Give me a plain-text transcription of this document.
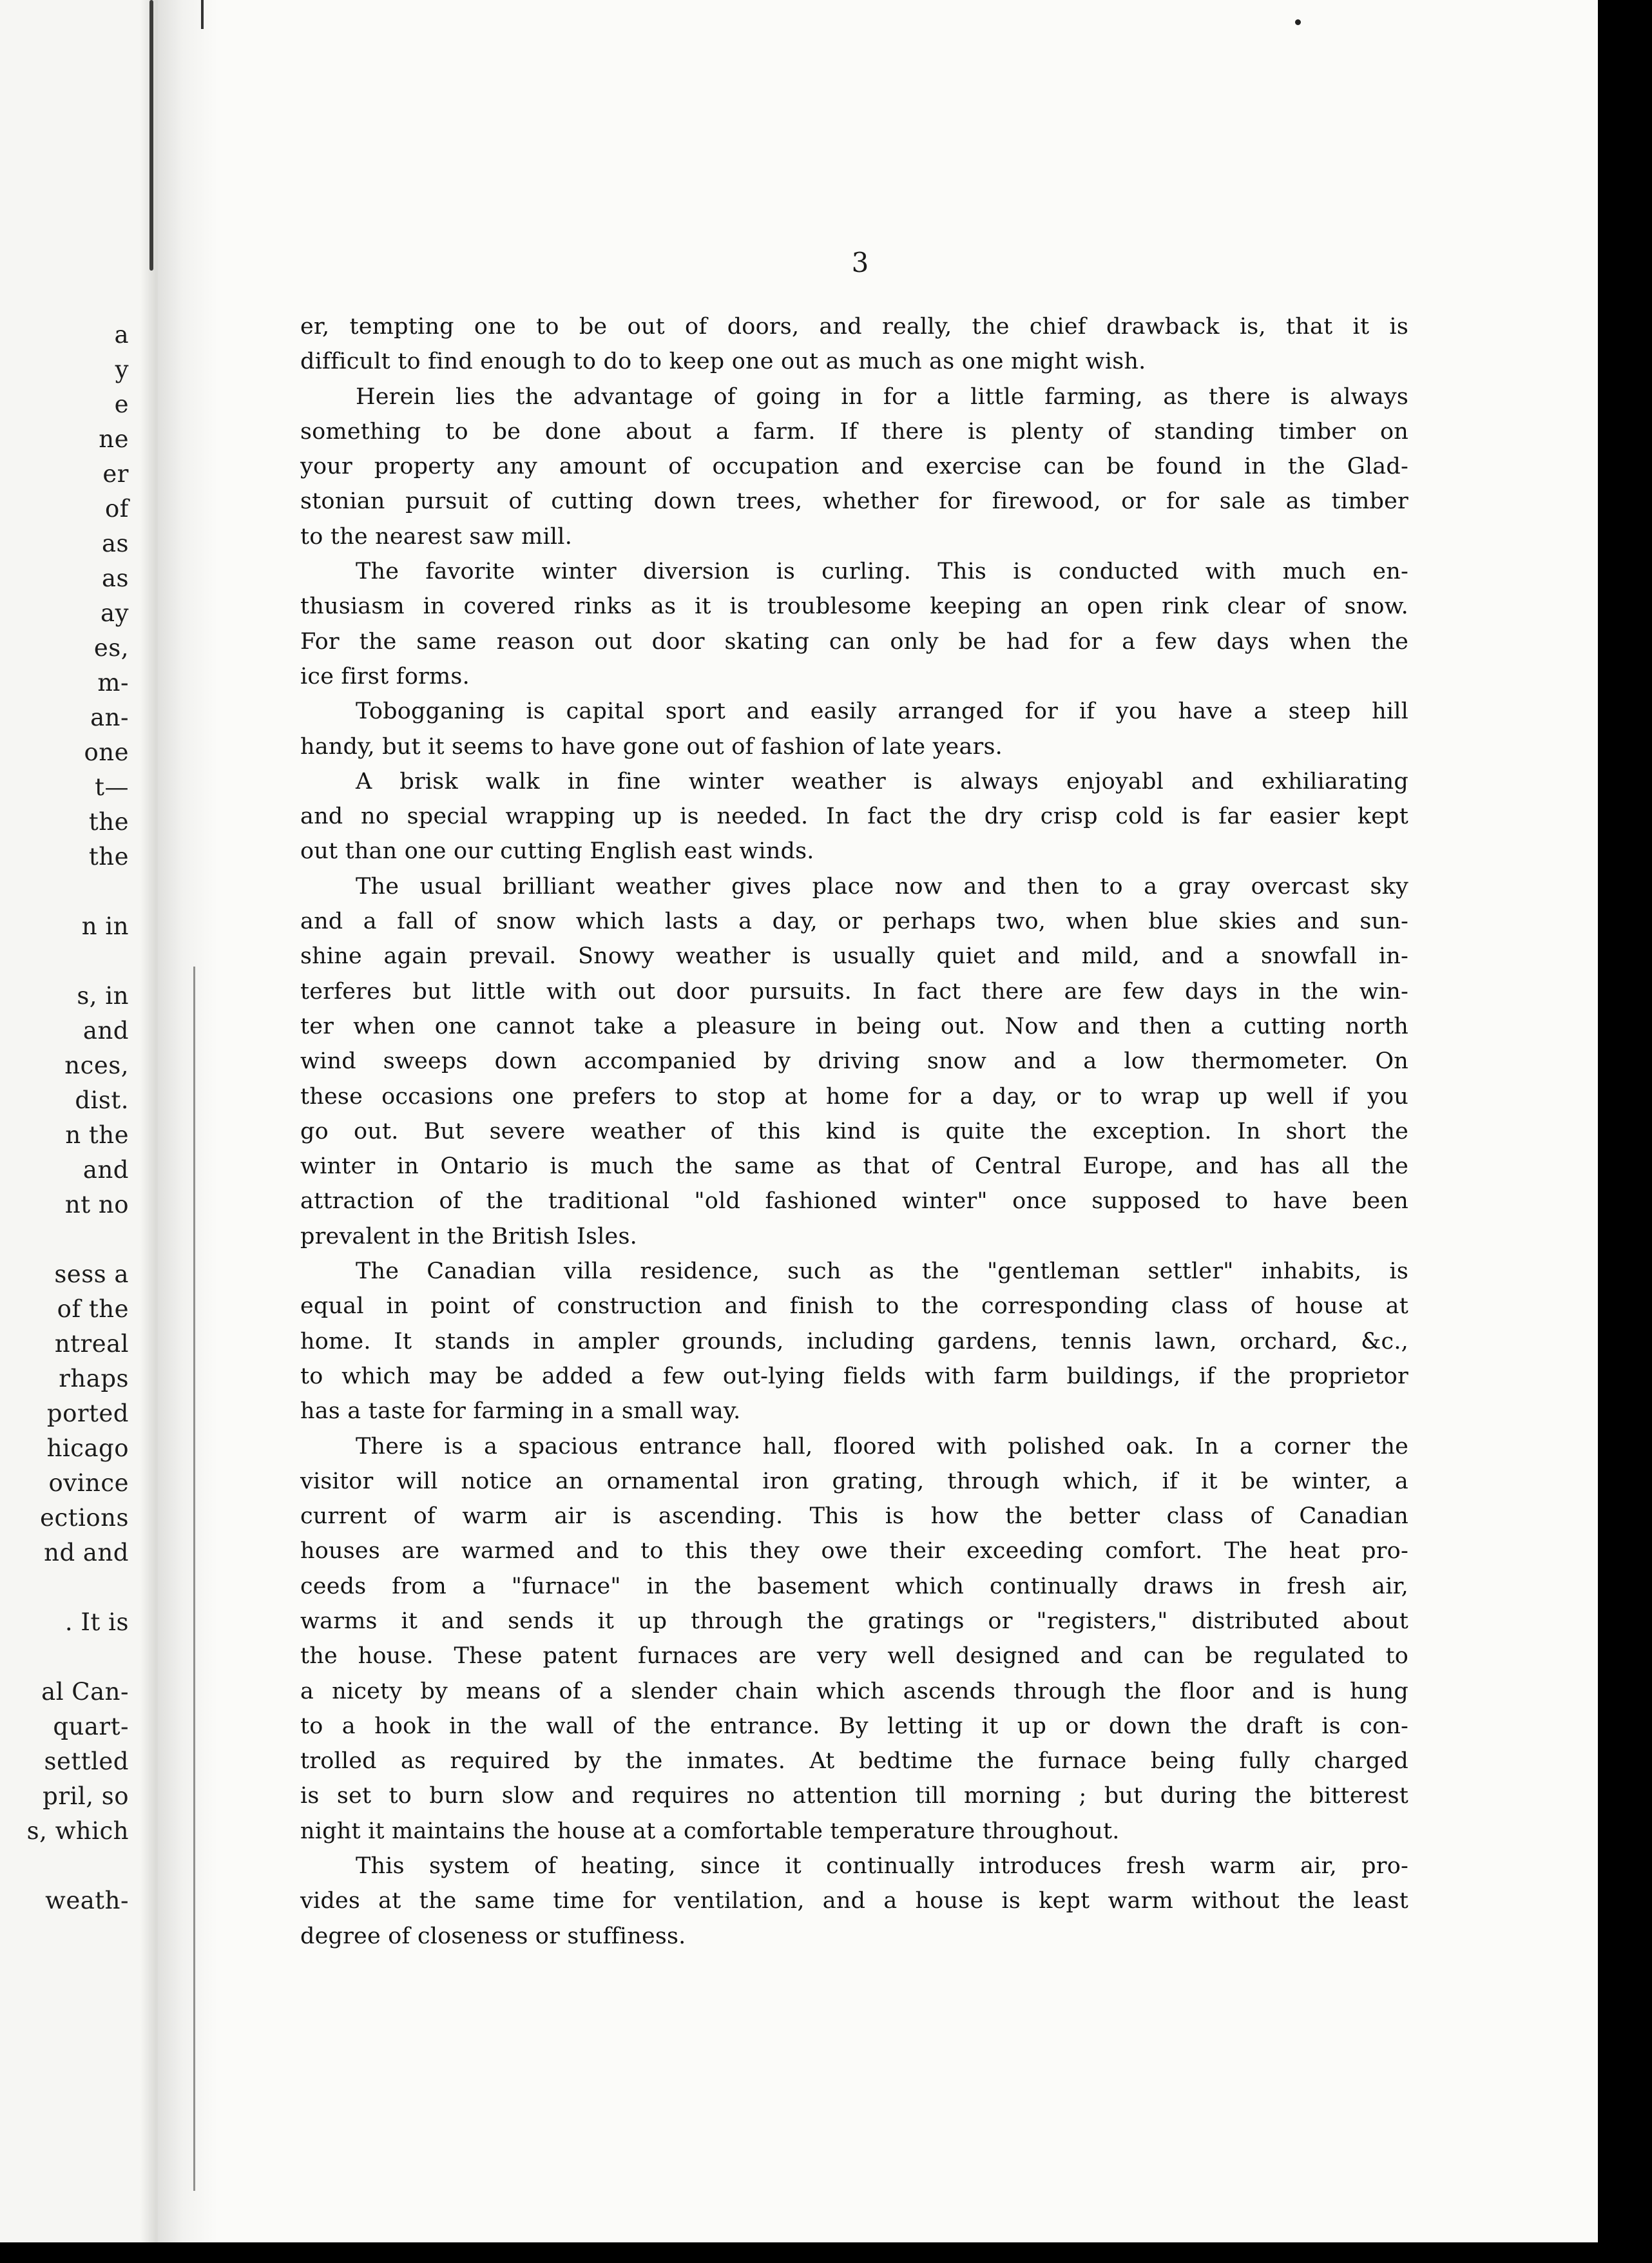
a
y
e
ne
er
of
as
as
ay
es,
m-
an-
one
t—
the
the
n in
s, in
and
nces,
dist.
n the
and
nt no
sess a
of the
ntreal
rhaps
ported
hicago
ovince
ections
nd and
. It is
al Can-
quart-
settled
pril, so
s, which
weath-
3
er, tempting one to be out of doors, and really, the chief drawback is, that it is
difficult to find enough to do to keep one out as much as one might wish.
Herein lies the advantage of going in for a little farming, as there is always
something to be done about a farm. If there is plenty of standing timber on
your property any amount of occupation and exercise can be found in the Glad-
stonian pursuit of cutting down trees, whether for firewood, or for sale as timber
to the nearest saw mill.
The favorite winter diversion is curling. This is conducted with much en-
thusiasm in covered rinks as it is troublesome keeping an open rink clear of snow.
For the same reason out door skating can only be had for a few days when the
ice first forms.
Tobogganing is capital sport and easily arranged for if you have a steep hill
handy, but it seems to have gone out of fashion of late years.
A brisk walk in fine winter weather is always enjoyabl and exhiliarating
and no special wrapping up is needed. In fact the dry crisp cold is far easier kept
out than one our cutting English east winds.
The usual brilliant weather gives place now and then to a gray overcast sky
and a fall of snow which lasts a day, or perhaps two, when blue skies and sun-
shine again prevail. Snowy weather is usually quiet and mild, and a snowfall in-
terferes but little with out door pursuits. In fact there are few days in the win-
ter when one cannot take a pleasure in being out. Now and then a cutting north
wind sweeps down accompanied by driving snow and a low thermometer. On
these occasions one prefers to stop at home for a day, or to wrap up well if you
go out. But severe weather of this kind is quite the exception. In short the
winter in Ontario is much the same as that of Central Europe, and has all the
attraction of the traditional "old fashioned winter" once supposed to have been
prevalent in the British Isles.
The Canadian villa residence, such as the "gentleman settler" inhabits, is
equal in point of construction and finish to the corresponding class of house at
home. It stands in ampler grounds, including gardens, tennis lawn, orchard, &c.,
to which may be added a few out-lying fields with farm buildings, if the proprietor
has a taste for farming in a small way.
There is a spacious entrance hall, floored with polished oak. In a corner the
visitor will notice an ornamental iron grating, through which, if it be winter, a
current of warm air is ascending. This is how the better class of Canadian
houses are warmed and to this they owe their exceeding comfort. The heat pro-
ceeds from a "furnace" in the basement which continually draws in fresh air,
warms it and sends it up through the gratings or "registers," distributed about
the house. These patent furnaces are very well designed and can be regulated to
a nicety by means of a slender chain which ascends through the floor and is hung
to a hook in the wall of the entrance. By letting it up or down the draft is con-
trolled as required by the inmates. At bedtime the furnace being fully charged
is set to burn slow and requires no attention till morning ; but during the bitterest
night it maintains the house at a comfortable temperature throughout.
This system of heating, since it continually introduces fresh warm air, pro-
vides at the same time for ventilation, and a house is kept warm without the least
degree of closeness or stuffiness.
